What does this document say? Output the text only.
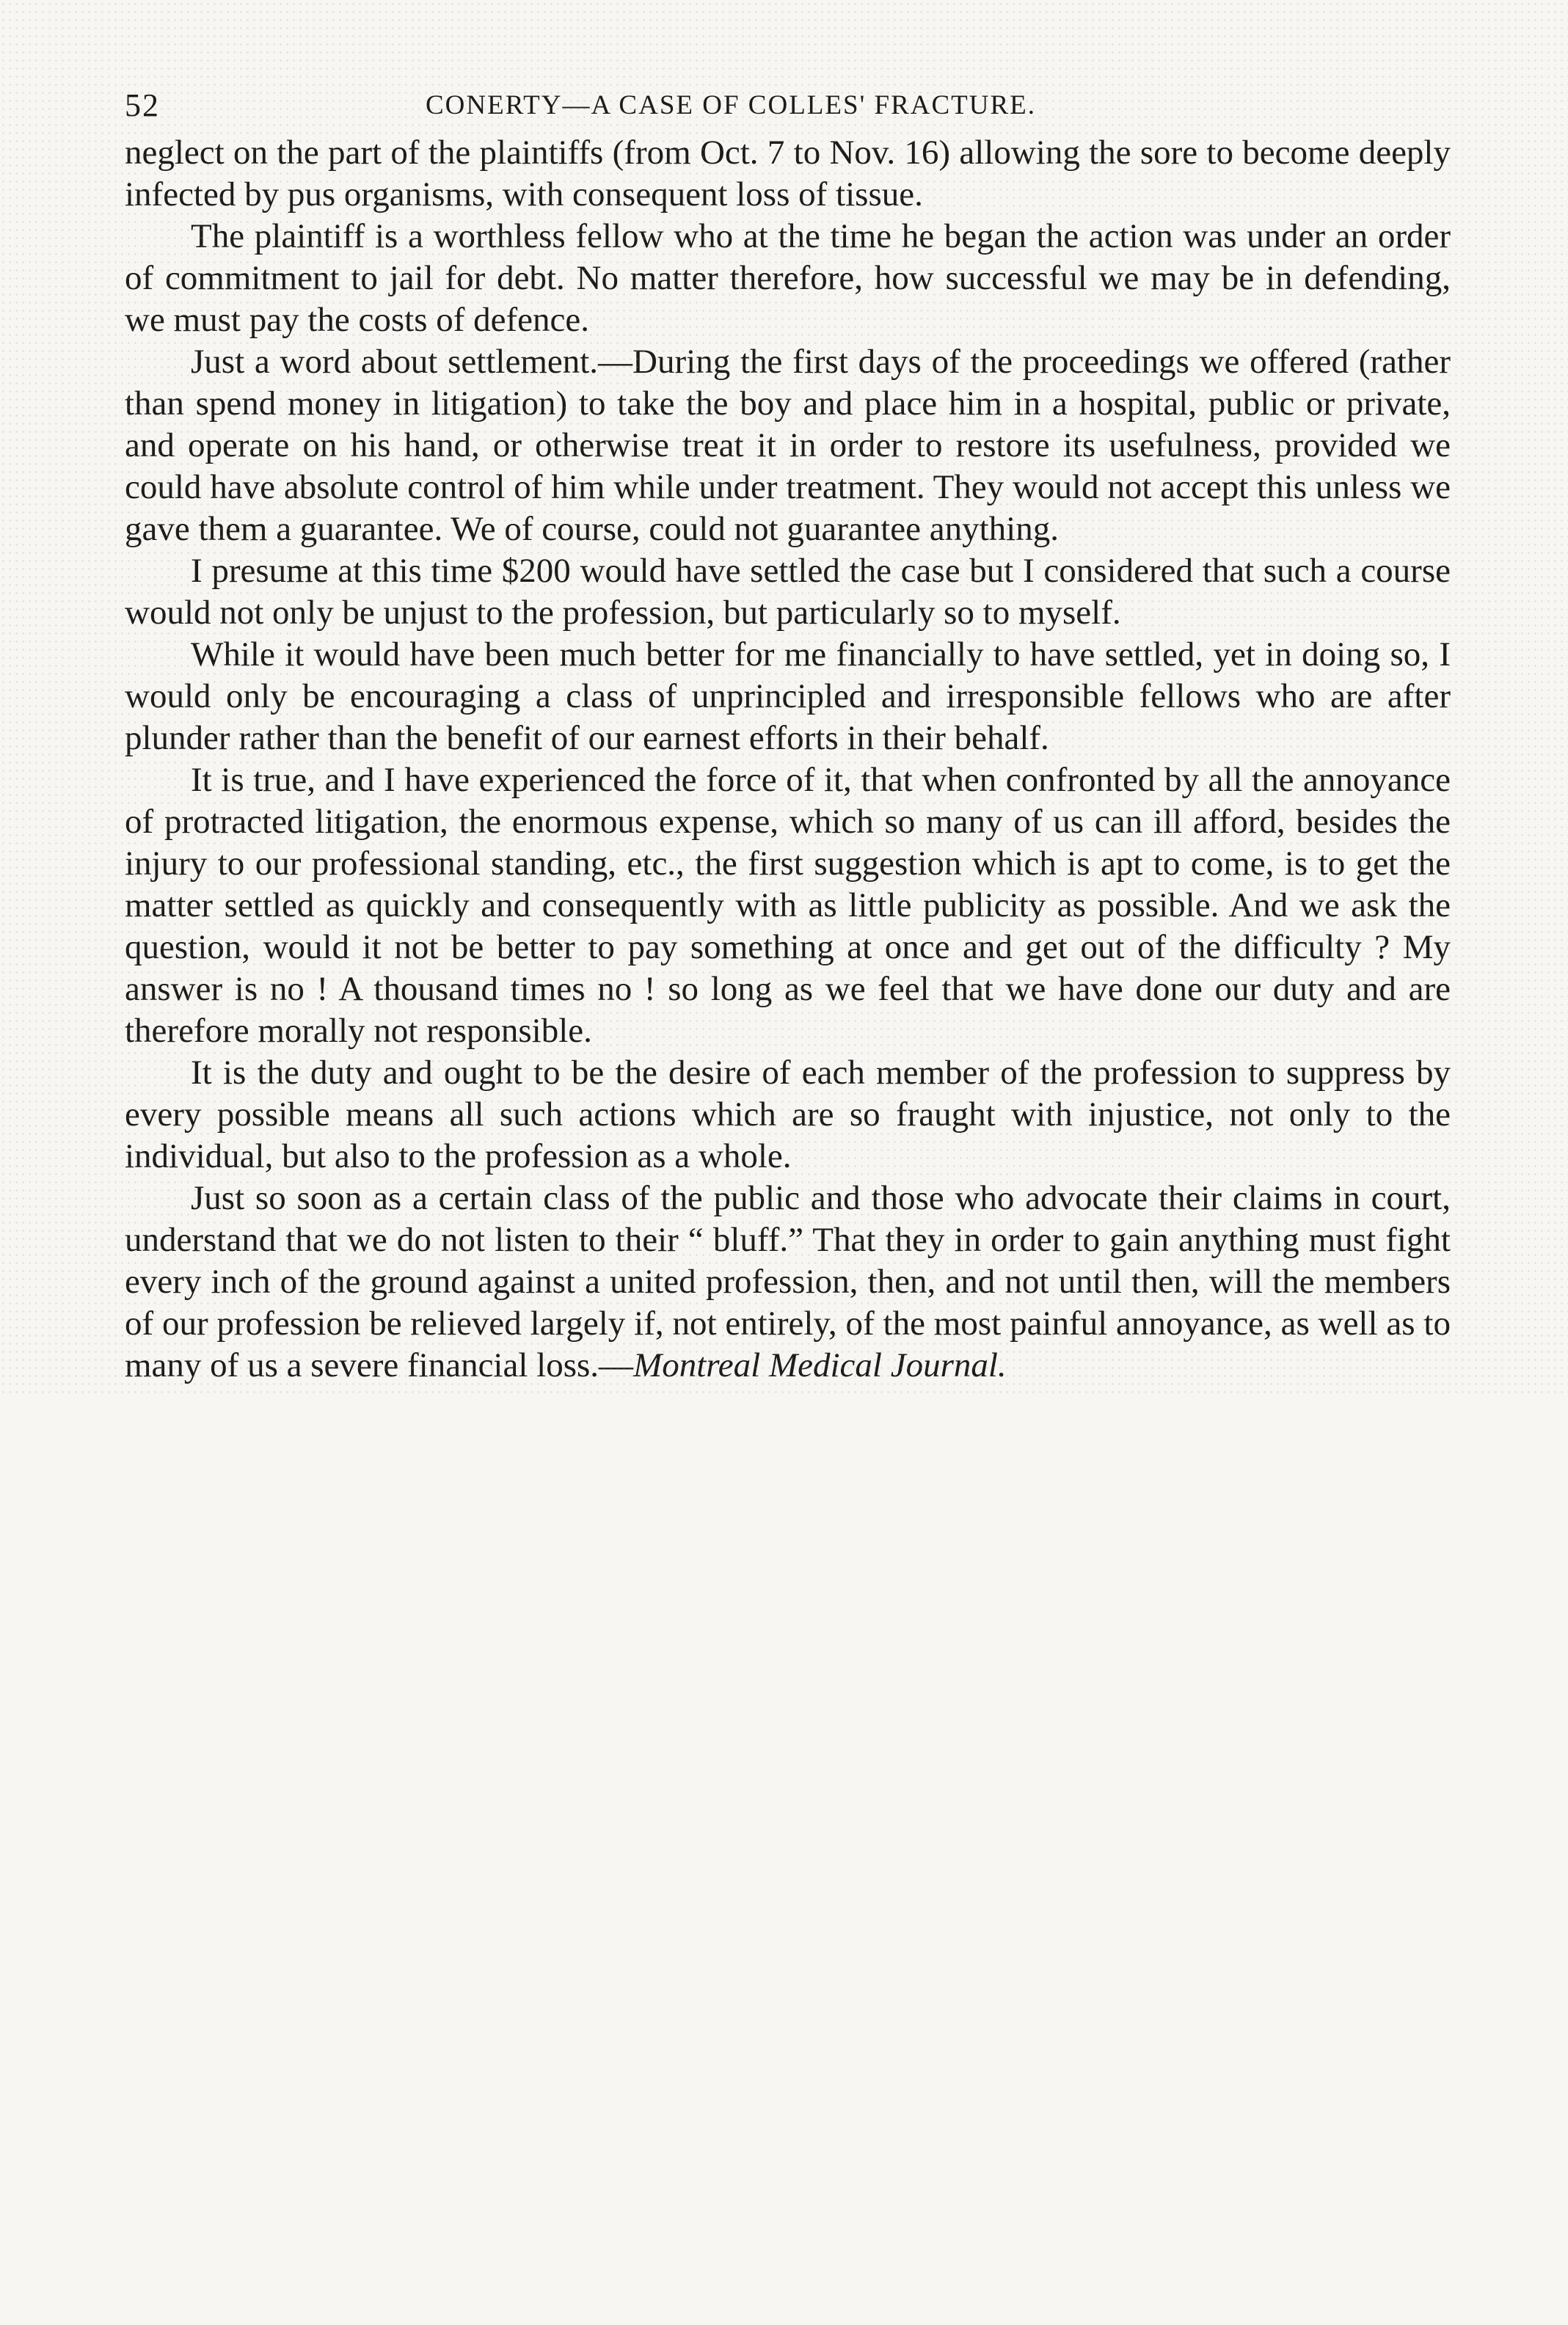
52	CONERTY—A CASE OF COLLES' FRACTURE.

neglect on the part of the plaintiffs (from Oct. 7 to Nov. 16) allowing the sore to become deeply infected by pus organisms, with consequent loss of tissue.

The plaintiff is a worthless fellow who at the time he began the action was under an order of commitment to jail for debt. No matter therefore, how successful we may be in defending, we must pay the costs of defence.

Just a word about settlement.—During the first days of the proceedings we offered (rather than spend money in litigation) to take the boy and place him in a hospital, public or private, and operate on his hand, or otherwise treat it in order to restore its usefulness, provided we could have absolute control of him while under treatment. They would not accept this unless we gave them a guarantee. We of course, could not guarantee anything.

I presume at this time $200 would have settled the case but I considered that such a course would not only be unjust to the profession, but particularly so to myself.

While it would have been much better for me financially to have settled, yet in doing so, I would only be encouraging a class of unprincipled and irresponsible fellows who are after plunder rather than the benefit of our earnest efforts in their behalf.

It is true, and I have experienced the force of it, that when confronted by all the annoyance of protracted litigation, the enormous expense, which so many of us can ill afford, besides the injury to our professional standing, etc., the first suggestion which is apt to come, is to get the matter settled as quickly and consequently with as little publicity as possible. And we ask the question, would it not be better to pay something at once and get out of the difficulty ? My answer is no ! A thousand times no ! so long as we feel that we have done our duty and are therefore morally not responsible.

It is the duty and ought to be the desire of each member of the profession to suppress by every possible means all such actions which are so fraught with injustice, not only to the individual, but also to the profession as a whole.

Just so soon as a certain class of the public and those who advocate their claims in court, understand that we do not listen to their “ bluff.” That they in order to gain anything must fight every inch of the ground against a united profession, then, and not until then, will the members of our profession be relieved largely if, not entirely, of the most painful annoyance, as well as to many of us a severe financial loss.—Montreal Medical Journal.
